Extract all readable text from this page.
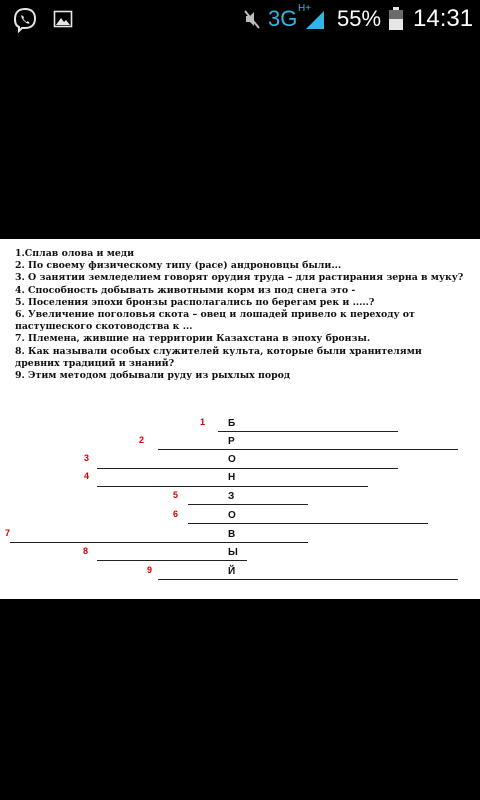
3G H+ 55% 14:31
1.Сплав олова и меди
2. По своему физическому типу (расе) андроновцы были...
3. О занятии земледелием говорят орудия труда – для растирания зерна в муку?
4. Способность добывать животными корм из под снега это -
5. Поселения эпохи бронзы располагались по берегам рек и .....?
6. Увеличение поголовья скота – овец и лошадей привело к переходу от пастушеского скотоводства к ...
7. Племена, жившие на территории Казахстана в эпоху бронзы.
8. Как называли особых служителей культа, которые были хранителями древних традиций и знаний?
9. Этим методом добывали руду из рыхлых пород
1 Б
2	Р
3	О
4	Н
5	З
6	О
7	В
8	Ы
9	Й
